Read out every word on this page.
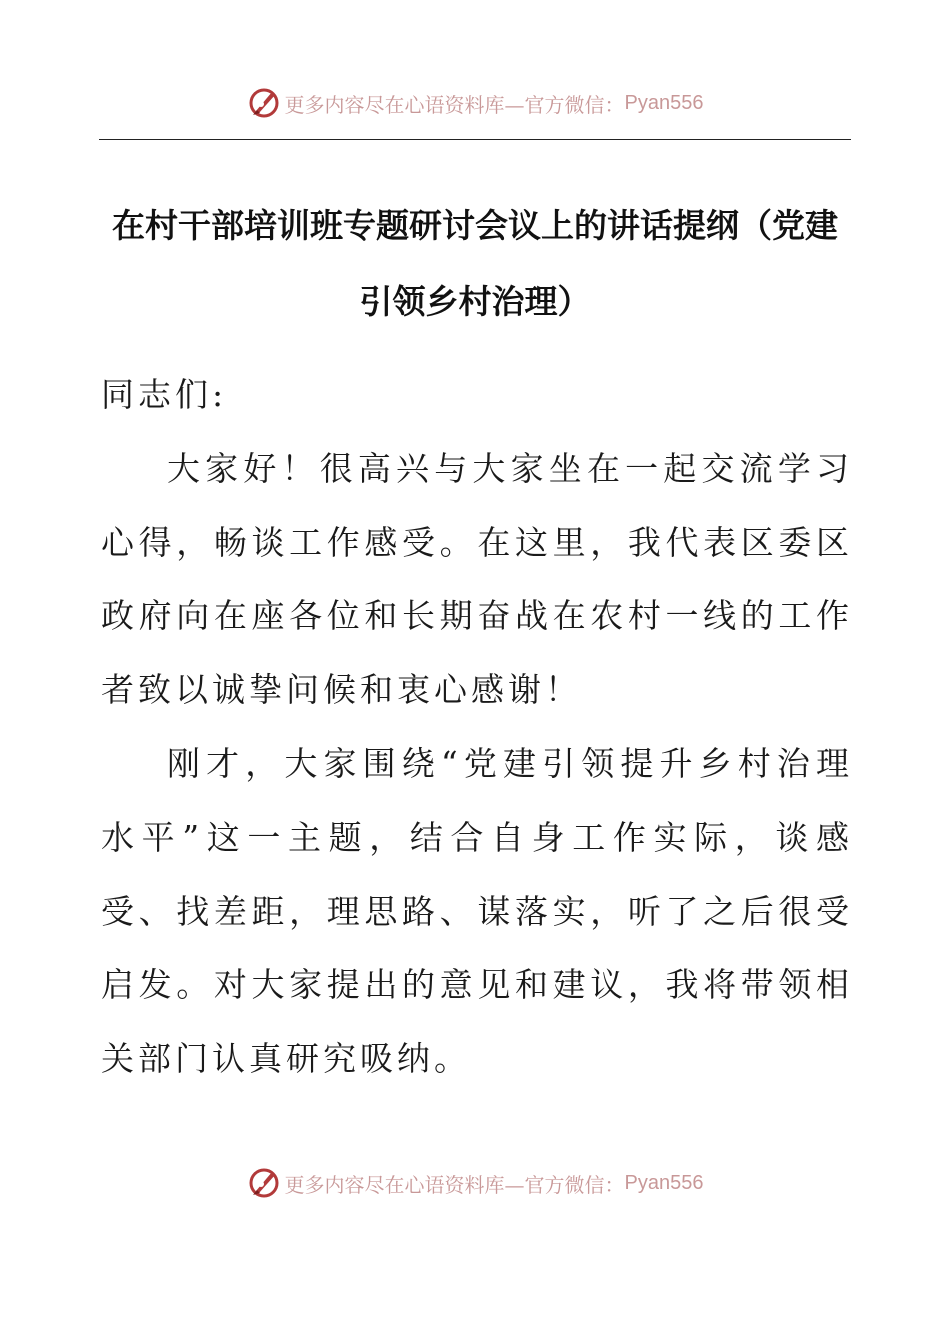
更多内容尽在心语资料库—官方微信： Pyan556
在村干部培训班专题研讨会议上的讲话提纲（党建引领乡村治理）

同志们:

大家好！很高兴与大家坐在一起交流学习心得，畅谈工作感受。在这里，我代表区委区政府向在座各位和长期奋战在农村一线的工作者致以诚挚问候和衷心感谢！

刚才，大家围绕“党建引领提升乡村治理水平”这一主题，结合自身工作实际，谈感受、找差距，理思路、谋落实，听了之后很受启发。对大家提出的意见和建议，我将带领相关部门认真研究吸纳。

更多内容尽在心语资料库—官方微信： Pyan556
